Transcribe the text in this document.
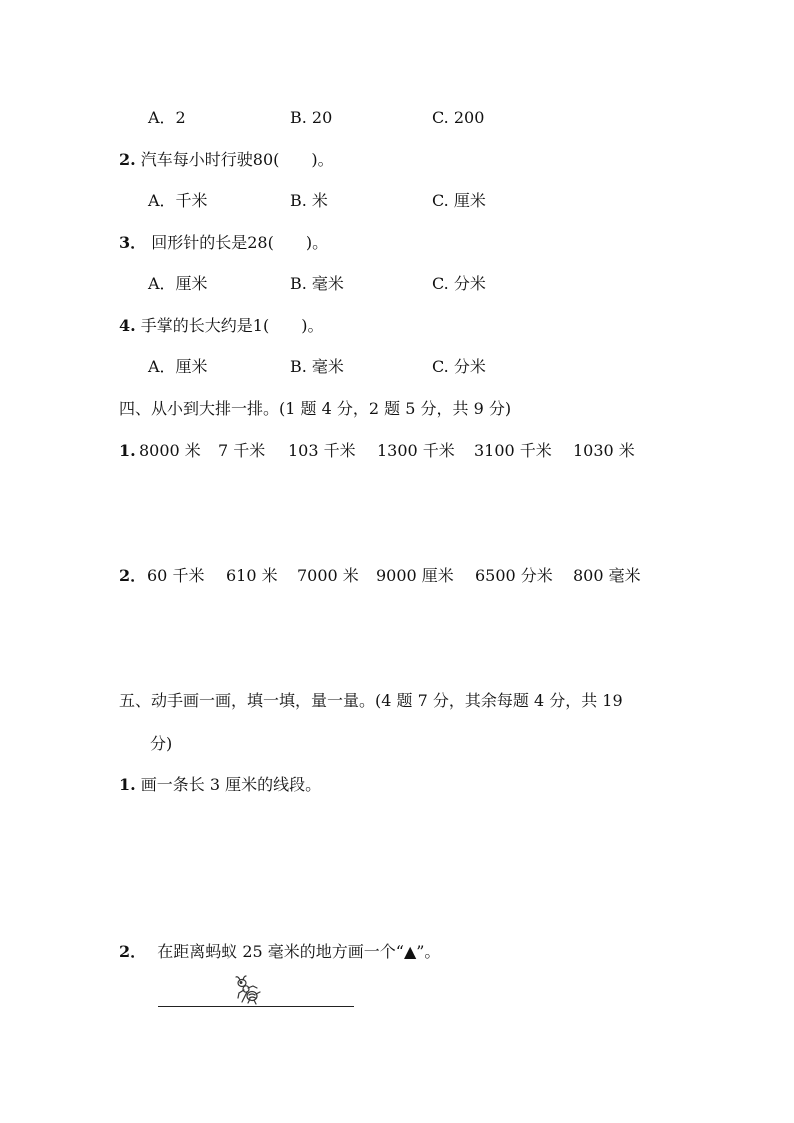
A．2	B. 20	C. 200
2. 汽车每小时行驶80(　　)。
A．千米	B. 米	C. 厘米
3． 回形针的长是28(　　)。
A．厘米	B. 毫米	C. 分米
4. 手掌的长大约是1(　　)。
A．厘米	B. 毫米	C. 分米
四、从小到大排一排。(1 题 4 分，2 题 5 分，共 9 分)
1. 8000 米 7 千米 103 千米 1300 千米 3100 千米 1030 米
2． 60 千米 610 米 7000 米 9000 厘米 6500 分米 800 毫米
五、动手画一画，填一填，量一量。(4 题 7 分，其余每题 4 分，共 19
分)
1. 画一条长 3 厘米的线段。
2． 在距离蚂蚁 25 毫米的地方画一个“▲”。
